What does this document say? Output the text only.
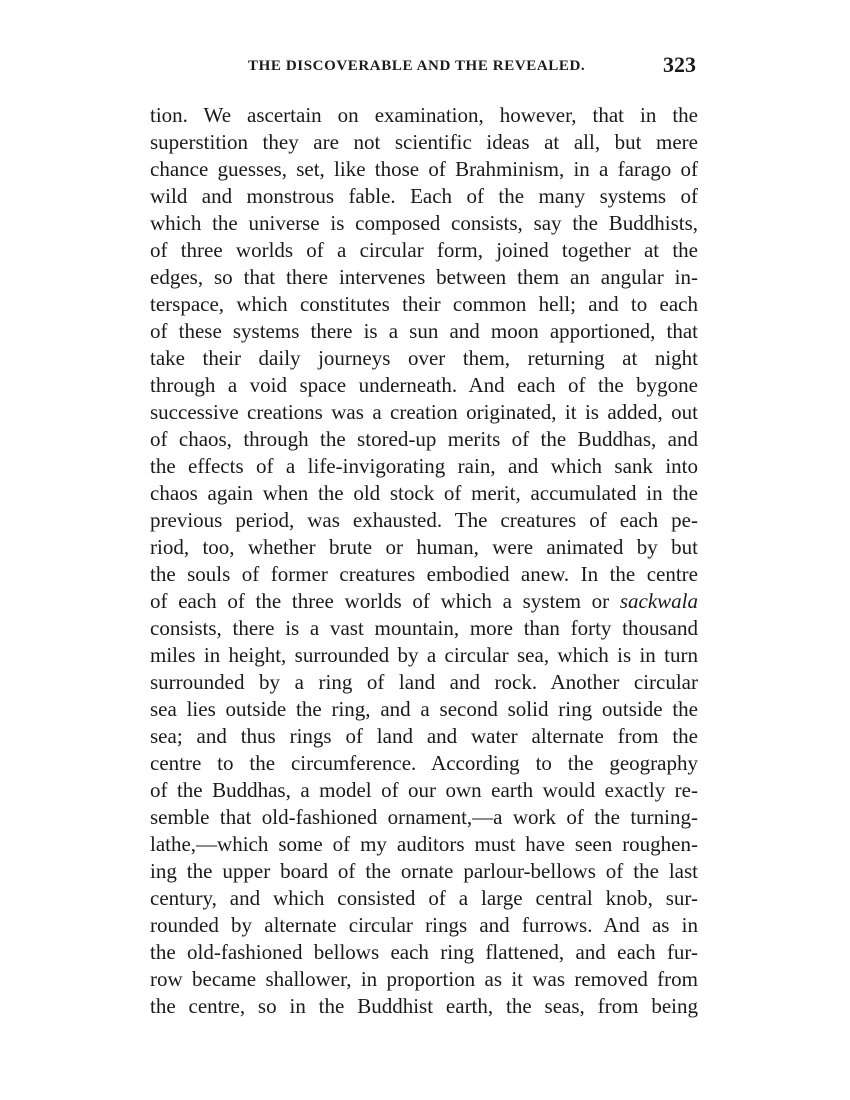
THE DISCOVERABLE AND THE REVEALED.	323
tion. We ascertain on examination, however, that in the
superstition they are not scientific ideas at all, but mere
chance guesses, set, like those of Brahminism, in a farago of
wild and monstrous fable. Each of the many systems of
which the universe is composed consists, say the Buddhists,
of three worlds of a circular form, joined together at the
edges, so that there intervenes between them an angular in-
terspace, which constitutes their common hell; and to each
of these systems there is a sun and moon apportioned, that
take their daily journeys over them, returning at night
through a void space underneath. And each of the bygone
successive creations was a creation originated, it is added, out
of chaos, through the stored-up merits of the Buddhas, and
the effects of a life-invigorating rain, and which sank into
chaos again when the old stock of merit, accumulated in the
previous period, was exhausted. The creatures of each pe-
riod, too, whether brute or human, were animated by but
the souls of former creatures embodied anew. In the centre
of each of the three worlds of which a system or sackwala
consists, there is a vast mountain, more than forty thousand
miles in height, surrounded by a circular sea, which is in turn
surrounded by a ring of land and rock. Another circular
sea lies outside the ring, and a second solid ring outside the
sea; and thus rings of land and water alternate from the
centre to the circumference. According to the geography
of the Buddhas, a model of our own earth would exactly re-
semble that old-fashioned ornament,—a work of the turning-
lathe,—which some of my auditors must have seen roughen-
ing the upper board of the ornate parlour-bellows of the last
century, and which consisted of a large central knob, sur-
rounded by alternate circular rings and furrows. And as in
the old-fashioned bellows each ring flattened, and each fur-
row became shallower, in proportion as it was removed from
the centre, so in the Buddhist earth, the seas, from being
